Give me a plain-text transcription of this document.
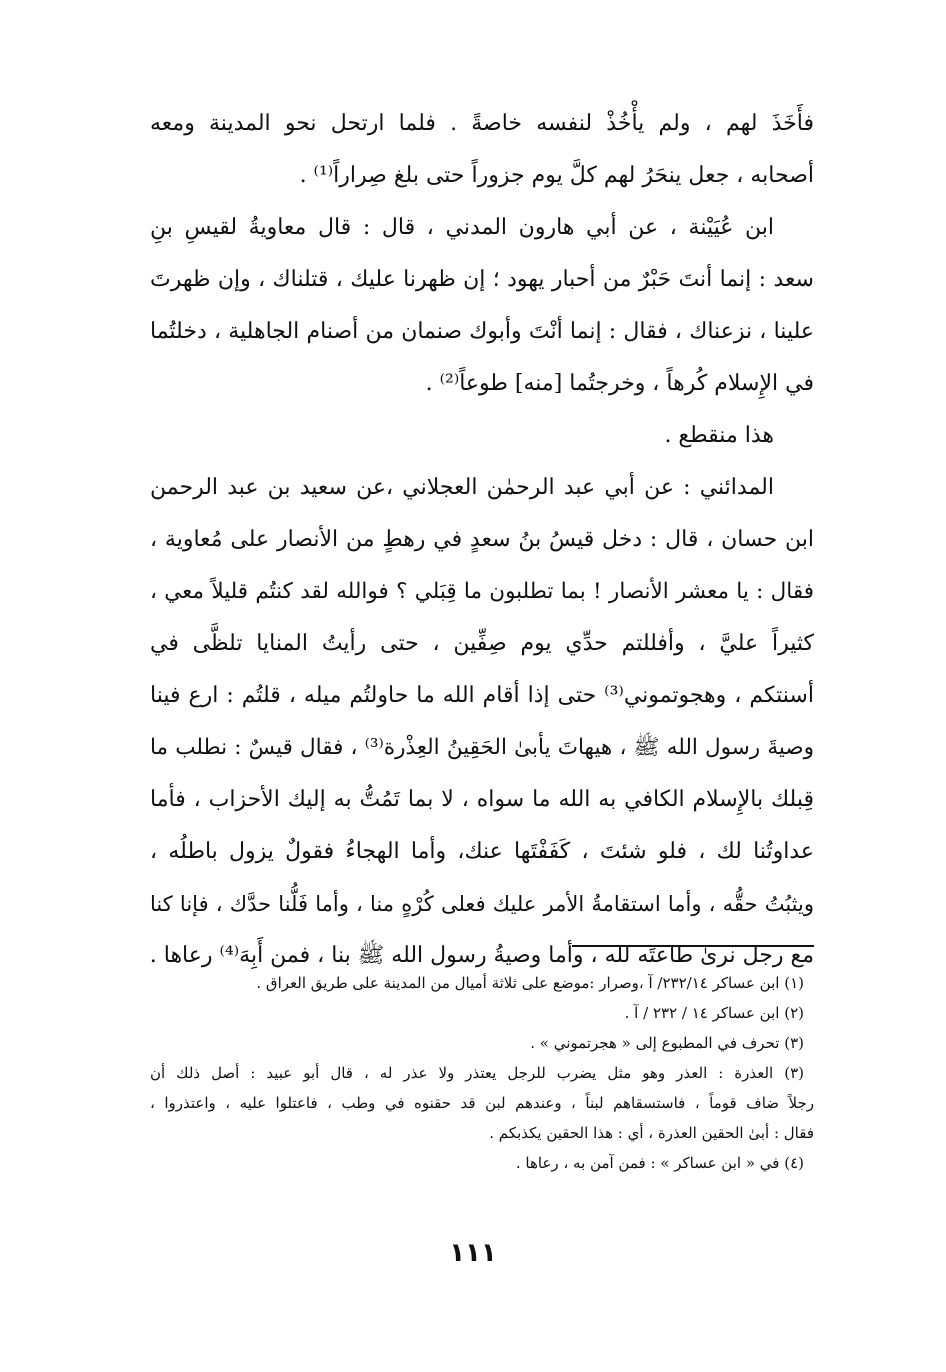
فأَخَذَ لهم ، ولم يأْخُذْ لنفسه خاصةً . فلما ارتحل نحو المدينة ومعه
أصحابه ، جعل ينحَرُ لهم كلَّ يوم جزوراً حتى بلغ صِراراً⁽¹⁾ .
ابن عُيَيْنة ، عن أبي هارون المدني ، قال : قال معاويةُ لقيسِ بنِ
سعد : إنما أنتَ حَبْرٌ من أحبار يهود ؛ إن ظهرنا عليك ، قتلناك ، وإن ظهرتَ
علينا ، نزعناك ، فقال : إنما أنْتَ وأبوك صنمان من أصنام الجاهلية ، دخلتُما
في الإِسلام كُرهاً ، وخرجتُما [منه] طوعاً⁽²⁾ .
هذا منقطع .
المدائني : عن أبي عبد الرحمٰن العجلاني ،عن سعيد بن عبد الرحمن
ابن حسان ، قال : دخل قيسُ بنُ سعدٍ في رهطٍ من الأنصار على مُعاوية ،
فقال : يا معشر الأنصار ! بما تطلبون ما قِبَلي ؟ فوالله لقد كنتُم قليلاً معي ،
كثيراً عليَّ ، وأفللتم حدِّي يوم صِفِّين ، حتى رأيتُ المنايا تلظَّى في
أسنتكم ، وهجوتموني⁽³⁾ حتى إذا أقام الله ما حاولتُم ميله ، قلتُم : ارع فينا
وصيةَ رسول الله ﷺ ، هيهاتَ يأبىٰ الحَقِينُ العِذْرة⁽³⁾ ، فقال قيسٌ : نطلب ما
قِبلك بالإِسلام الكافي به الله ما سواه ، لا بما تَمُتُّ به إليك الأحزاب ، فأما
عداوتُنا لك ، فلو شئتَ ، كَفَفْتَها عنك، وأما الهجاءُ فقولٌ يزول باطلُه ،
ويثبُتُ حقُّه ، وأما استقامةُ الأمر عليك فعلى كُرْهٍ منا ، وأما فَلُّنا حدَّك ، فإنا كنا
مع رجل نرىٰ طاعتَه لله ، وأما وصيةُ رسول الله ﷺ بنا ، فمن أَبِهَ⁽⁴⁾ رعاها .
(١) ابن عساكر ٢٣٢/١٤/ آ ،وصرار :موضع على ثلاثة أميال من المدينة على طريق العراق .
(٢) ابن عساكر ١٤ / ٢٣٢ / آ .
(٣) تحرف في المطبوع إلى « هجرتموني » .
(٣) العذرة : العذر وهو مثل يضرب للرجل يعتذر ولا عذر له ، قال أبو عبيد : أصل ذلك أن
رجلاً ضاف قوماً ، فاستسقاهم لبناً ، وعندهم لبن قد حقنوه في وطب ، فاعتلوا عليه ، واعتذروا ،
فقال : أبىٰ الحقين العذرة ، أي : هذا الحقين يكذبكم .
(٤) في « ابن عساكر » : فمن آمن به ، رعاها .
١١١
